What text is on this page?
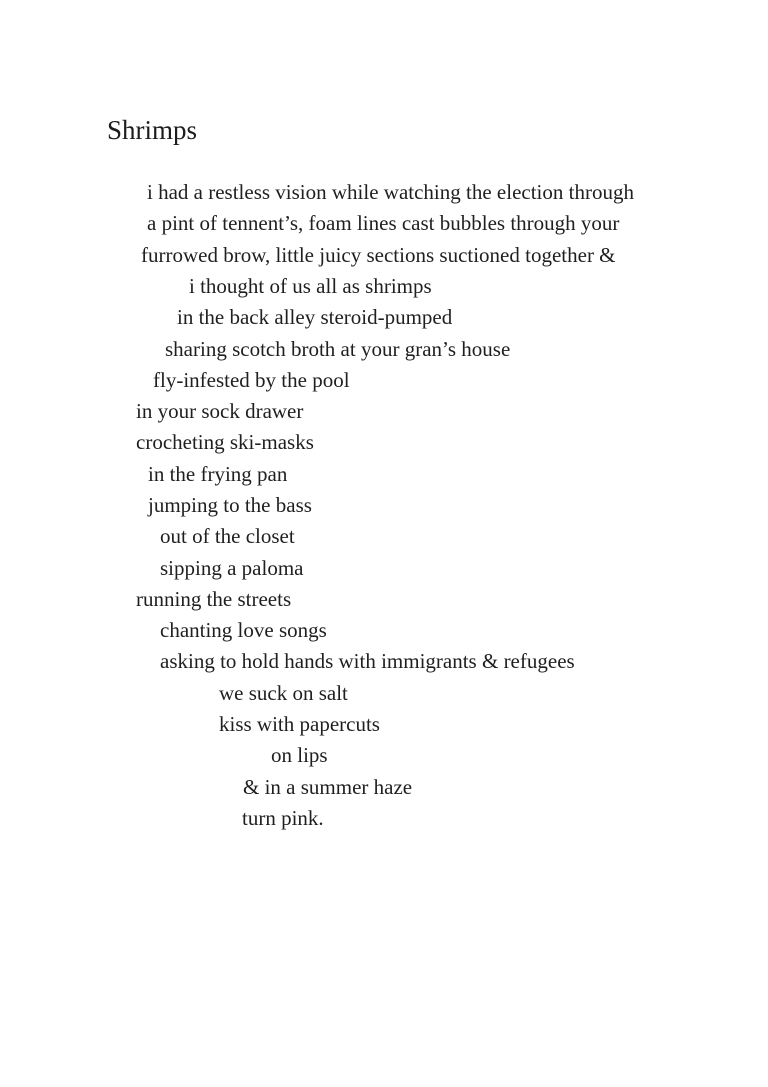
Shrimps
i had a restless vision while watching the election through
a pint of tennent’s, foam lines cast bubbles through your
furrowed brow, little juicy sections suctioned together &
i thought of us all as shrimps
in the back alley steroid-pumped
sharing scotch broth at your gran’s house
fly-infested by the pool
in your sock drawer
crocheting ski-masks
in the frying pan
jumping to the bass
out of the closet
sipping a paloma
running the streets
chanting love songs
asking to hold hands with immigrants & refugees
we suck on salt
kiss with papercuts
on lips
& in a summer haze
turn pink.
